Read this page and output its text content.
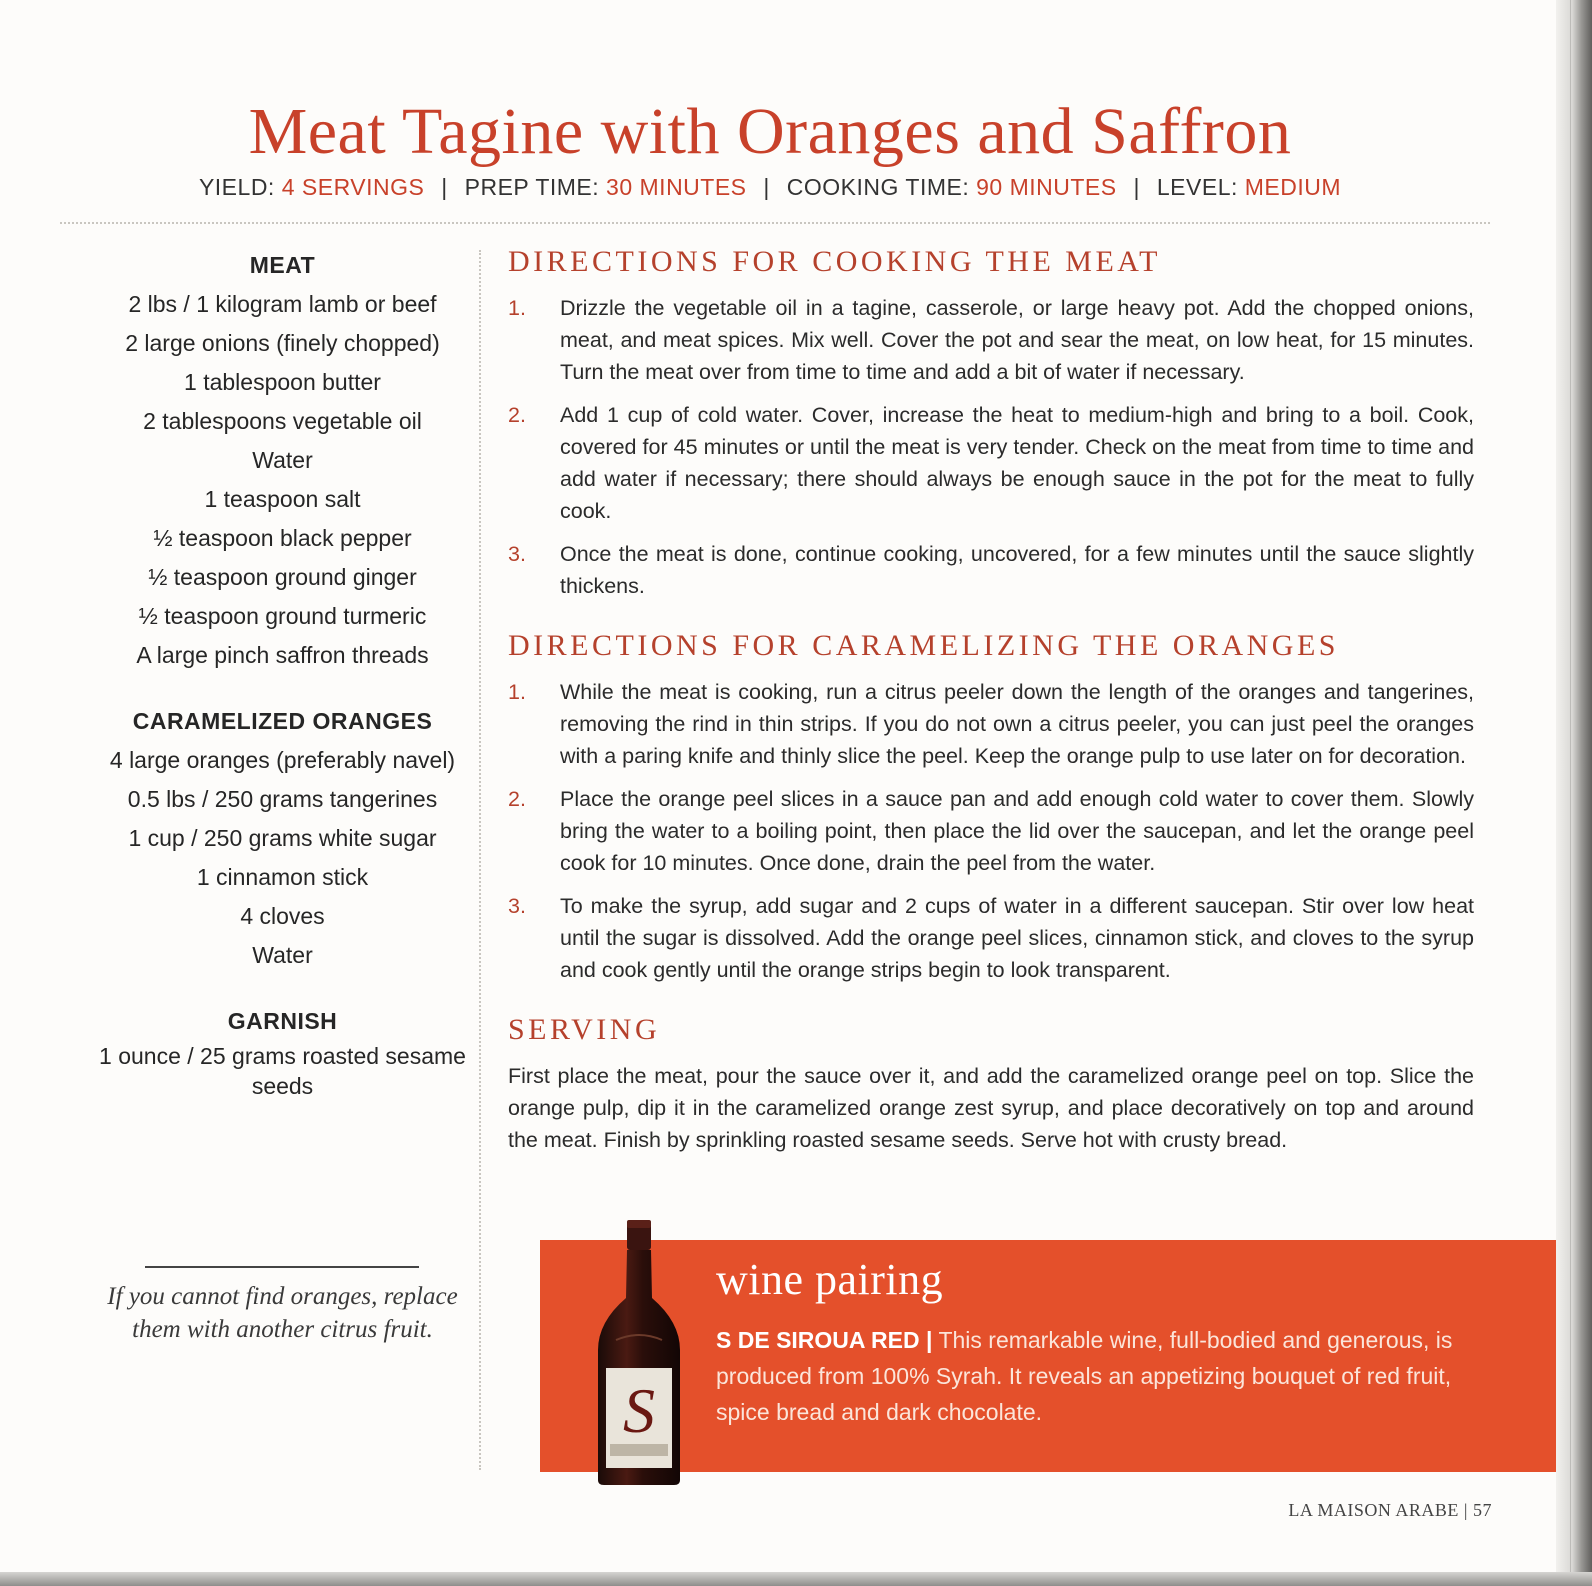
Meat Tagine with Oranges and Saffron
YIELD: 4 SERVINGS | PREP TIME: 30 MINUTES | COOKING TIME: 90 MINUTES | LEVEL: MEDIUM
MEAT
2 lbs / 1 kilogram lamb or beef
2 large onions (finely chopped)
1 tablespoon butter
2 tablespoons vegetable oil
Water
1 teaspoon salt
½ teaspoon black pepper
½ teaspoon ground ginger
½ teaspoon ground turmeric
A large pinch saffron threads
CARAMELIZED ORANGES
4 large oranges (preferably navel)
0.5 lbs / 250 grams tangerines
1 cup / 250 grams white sugar
1 cinnamon stick
4 cloves
Water
GARNISH
1 ounce / 25 grams roasted sesame seeds

If you cannot find oranges, replace them with another citrus fruit.

DIRECTIONS FOR COOKING THE MEAT
1.	Drizzle the vegetable oil in a tagine, casserole, or large heavy pot. Add the chopped onions, meat, and meat spices. Mix well. Cover the pot and sear the meat, on low heat, for 15 minutes. Turn the meat over from time to time and add a bit of water if necessary.
2.	Add 1 cup of cold water. Cover, increase the heat to medium-high and bring to a boil. Cook, covered for 45 minutes or until the meat is very tender. Check on the meat from time to time and add water if necessary; there should always be enough sauce in the pot for the meat to fully cook.
3.	Once the meat is done, continue cooking, uncovered, for a few minutes until the sauce slightly thickens.
DIRECTIONS FOR CARAMELIZING THE ORANGES
1.	While the meat is cooking, run a citrus peeler down the length of the oranges and tangerines, removing the rind in thin strips. If you do not own a citrus peeler, you can just peel the oranges with a paring knife and thinly slice the peel. Keep the orange pulp to use later on for decoration.
2.	Place the orange peel slices in a sauce pan and add enough cold water to cover them. Slowly bring the water to a boiling point, then place the lid over the saucepan, and let the orange peel cook for 10 minutes. Once done, drain the peel from the water.
3.	To make the syrup, add sugar and 2 cups of water in a different saucepan. Stir over low heat until the sugar is dissolved. Add the orange peel slices, cinnamon stick, and cloves to the syrup and cook gently until the orange strips begin to look transparent.
SERVING

First place the meat, pour the sauce over it, and add the caramelized orange peel on top. Slice the orange pulp, dip it in the caramelized orange zest syrup, and place decoratively on top and around the meat. Finish by sprinkling roasted sesame seeds. Serve hot with crusty bread.

S
wine pairing

S DE SIROUA RED | This remarkable wine, full-bodied and generous, is produced from 100% Syrah. It reveals an appetizing bouquet of red fruit, spice bread and dark chocolate.

LA MAISON ARABE | 57
